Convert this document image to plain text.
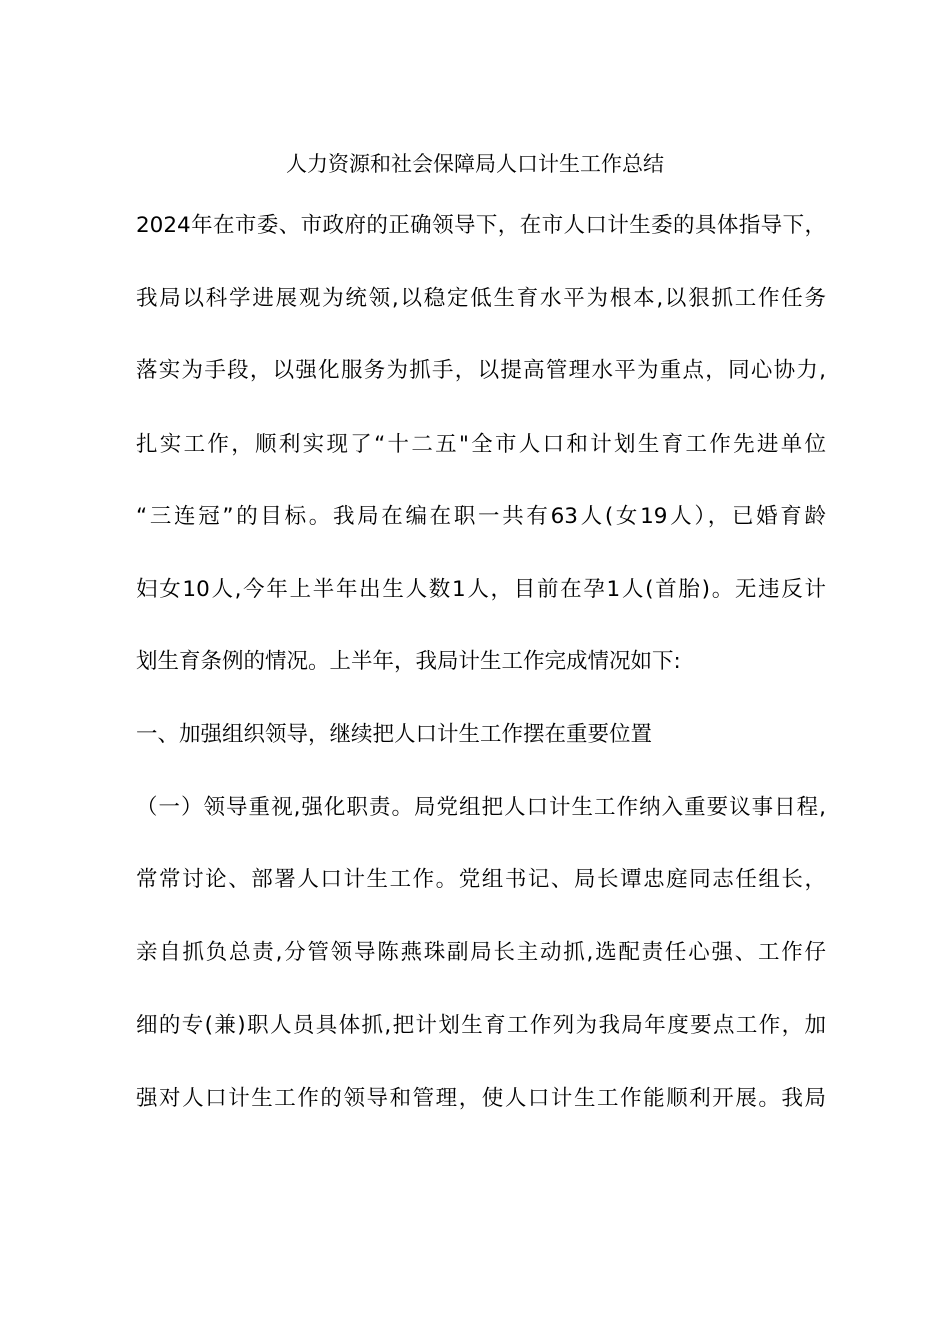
人力资源和社会保障局人口计生工作总结
2024年在市委、市政府的正确领导下，在市人口计生委的具体指导下，
我局以科学进展观为统领,以稳定低生育水平为根本,以狠抓工作任务
落实为手段，以强化服务为抓手，以提高管理水平为重点，同心协力,
扎实工作，顺利实现了“十二五"全市人口和计划生育工作先进单位
“三连冠”的目标。我局在编在职一共有63人(女19人），已婚育龄
妇女10人,今年上半年出生人数1人，目前在孕1人(首胎)。无违反计
划生育条例的情况。上半年，我局计生工作完成情况如下:
一、加强组织领导，继续把人口计生工作摆在重要位置
（一）领导重视,强化职责。局党组把人口计生工作纳入重要议事日程,
常常讨论、部署人口计生工作。党组书记、局长谭忠庭同志任组长，
亲自抓负总责,分管领导陈燕珠副局长主动抓,选配责任心强、工作仔
细的专(兼)职人员具体抓,把计划生育工作列为我局年度要点工作，加
强对人口计生工作的领导和管理，使人口计生工作能顺利开展。我局
